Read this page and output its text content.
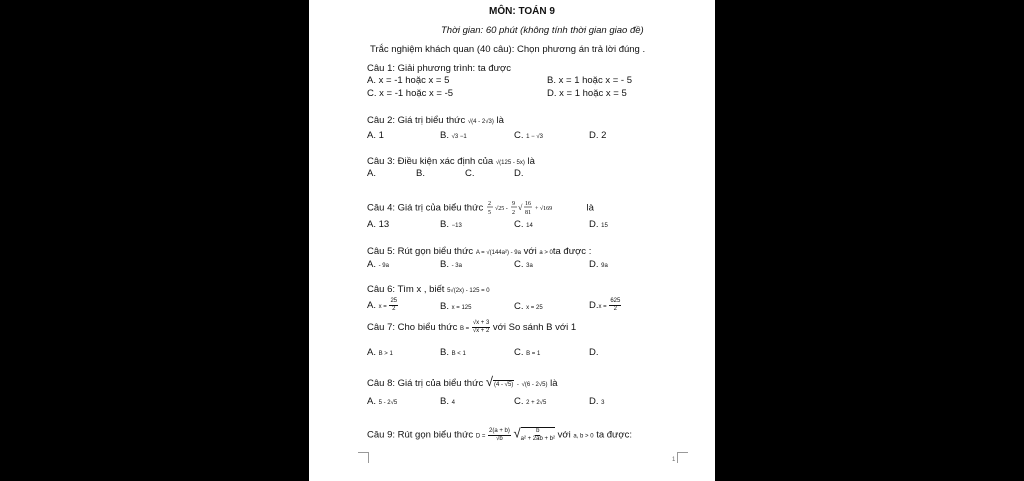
MÔN: TOÁN 9
Thời gian: 60 phút (không tính thời gian giao đề)
Trắc nghiệm khách quan (40 câu): Chọn phương án trả lời đúng .
Câu 1: Giải phương trình: ta được
A. x = -1 hoặc x = 5	B. x = 1 hoặc x = - 5
C. x = -1 hoặc x = -5	D. x = 1 hoặc x = 5
Câu 2: Giá trị biểu thức √(4 - 2√3) là
A. 1	B. √3 −1	C. 1 − √3	D. 2
Câu 3: Điều kiện xác định của √(125 - 5x) là
A.	B.	C.	D.
Câu 4: Giá trị của biểu thức 2
5
√25 -
9
2
√ 16
81
+ √169	là
A. 13	B. −13	C. 14	D. 15
Câu 5: Rút gọn biểu thức A = √(144a²) - 9a với a > 0ta được :
A. - 9a	B. - 3a	C. 3a	D. 9a
Câu 6: Tìm x , biết 5√(2x) - 125 = 0
A. $x = \frac{25}{2}$	B. x = 125	C. x = 25	$D.x = \frac{625}{2}$
Câu 7: Cho biểu thức $B = \frac{√x + 3}{√x + 2}$ với So sánh B với 1
A. B > 1	B. B < 1	C. B = 1	D.
Câu 8: Giá trị của biểu thức √(4 - √5) - √(6 - 2√5) là
A. 5 - 2√5	B. 4	C. 2 + 2√5	D. 3
Câu 9: Rút gọn biểu thức $D = \frac{2(a + b)}{√b}$ √ $\frac{b}{\text{a² + 2ab + b²}}$ với a, b > 0 ta được:
1
